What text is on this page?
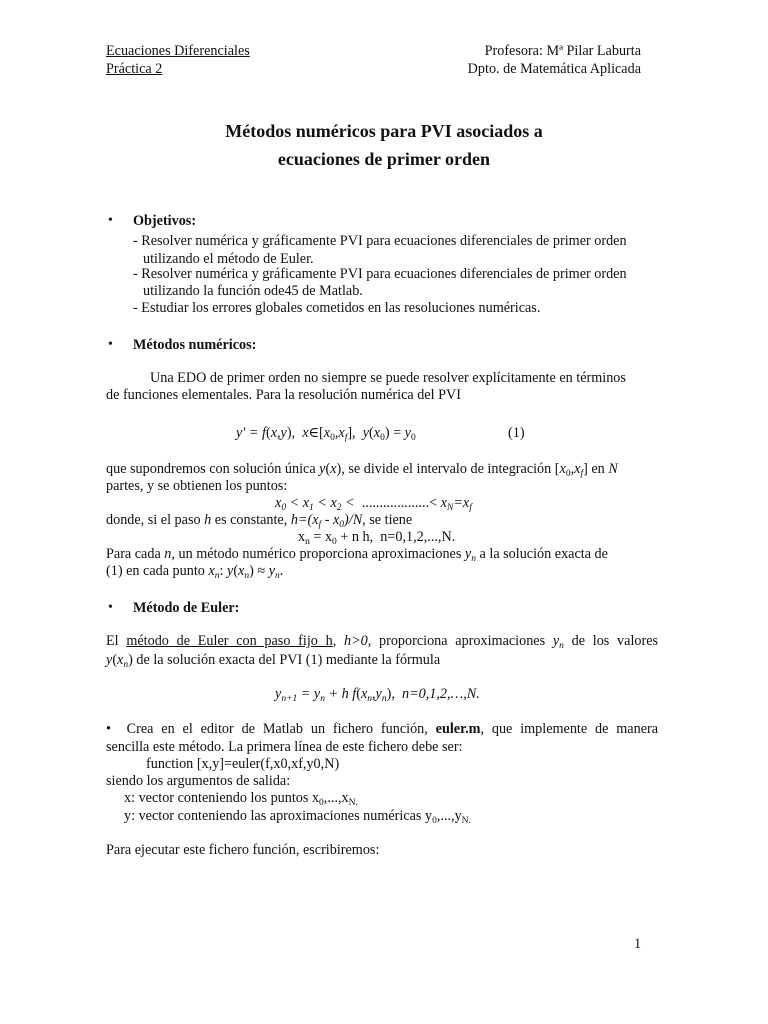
Ecuaciones Diferenciales
Práctica 2
Profesora: Mª Pilar Laburta
Dpto. de Matemática Aplicada
Métodos numéricos para PVI asociados a
ecuaciones de primer orden
• Objetivos:
- Resolver numérica y gráficamente PVI para ecuaciones diferenciales de primer orden
utilizando el método de Euler.
- Resolver numérica y gráficamente PVI para ecuaciones diferenciales de primer orden
utilizando la función ode45 de Matlab.
- Estudiar los errores globales cometidos en las resoluciones numéricas.
• Métodos numéricos:
Una EDO de primer orden no siempre se puede resolver explícitamente en términos
de funciones elementales. Para la resolución numérica del PVI
y' = f(x,y),  $x\in[x_0,x_f]$,  $y(x_0) = y_0$	(1)
que supondremos con solución única y(x), se divide el intervalo de integración $[x_0,x_f]$ en N
partes, y se obtienen los puntos:
$x_0 < x_1 < x_2$ <  ...................< $x_N=x_f$
donde, si el paso h es constante, $h=(x_f - x_0)/N$, se tiene
$x_n = x_0 + n$ h,  n=0,1,2,...,N.
Para cada n, un método numérico proporciona aproximaciones $y_n$ a la solución exacta de
(1) en cada punto $x_n$: $y(x_n) \approx y_n$.
• Método de Euler:
El método de Euler con paso fijo h, h>0, proporciona aproximaciones $y_n$ de los valores
$y(x_n)$ de la solución exacta del PVI (1) mediante la fórmula
$y_{n+1} = y_n + h$ $f(x_n,y_n)$,  n=0,1,2,…,N.
•  Crea en el editor de Matlab un fichero función, euler.m, que implemente de manera
sencilla este método. La primera línea de este fichero debe ser:
function [x,y]=euler(f,x0,xf,y0,N)
siendo los argumentos de salida:
x: vector conteniendo los puntos $x_0,...,x_{N.}$
y: vector conteniendo las aproximaciones numéricas $y_0,...,y_{N.}$
Para ejecutar este fichero función, escribiremos:
1
